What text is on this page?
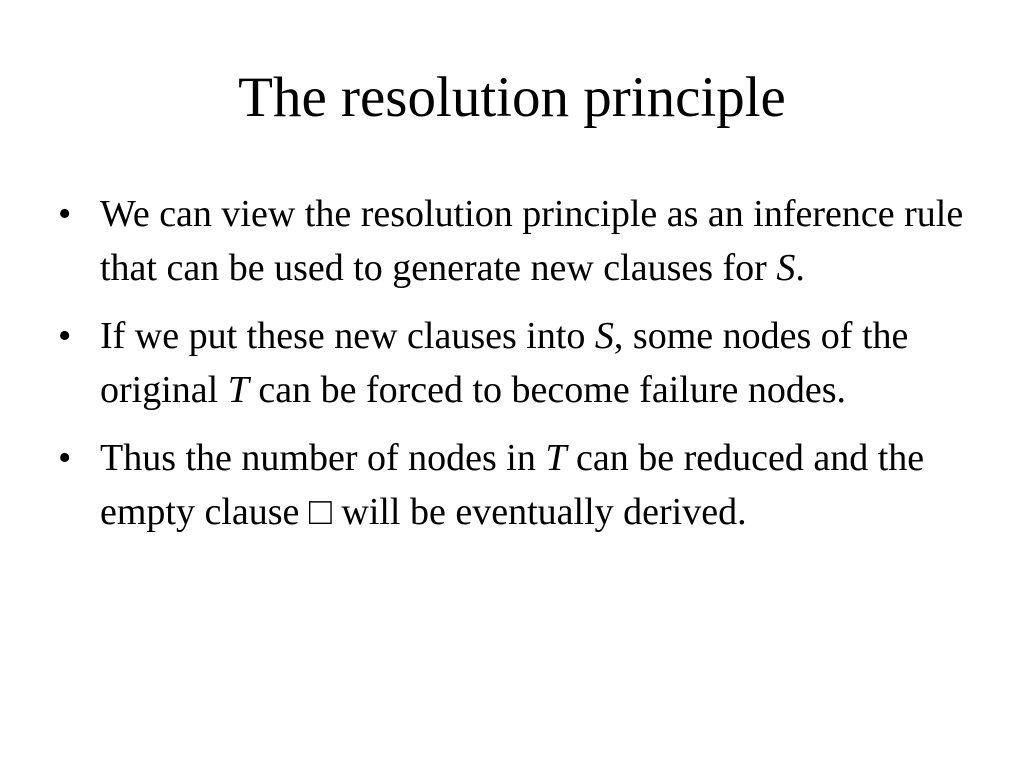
The resolution principle
• We can view the resolution principle as an inference rule that can be used to generate new clauses for S.
• If we put these new clauses into S, some nodes of the original T can be forced to become failure nodes.
• Thus the number of nodes in T can be reduced and the empty clause □ will be eventually derived.
